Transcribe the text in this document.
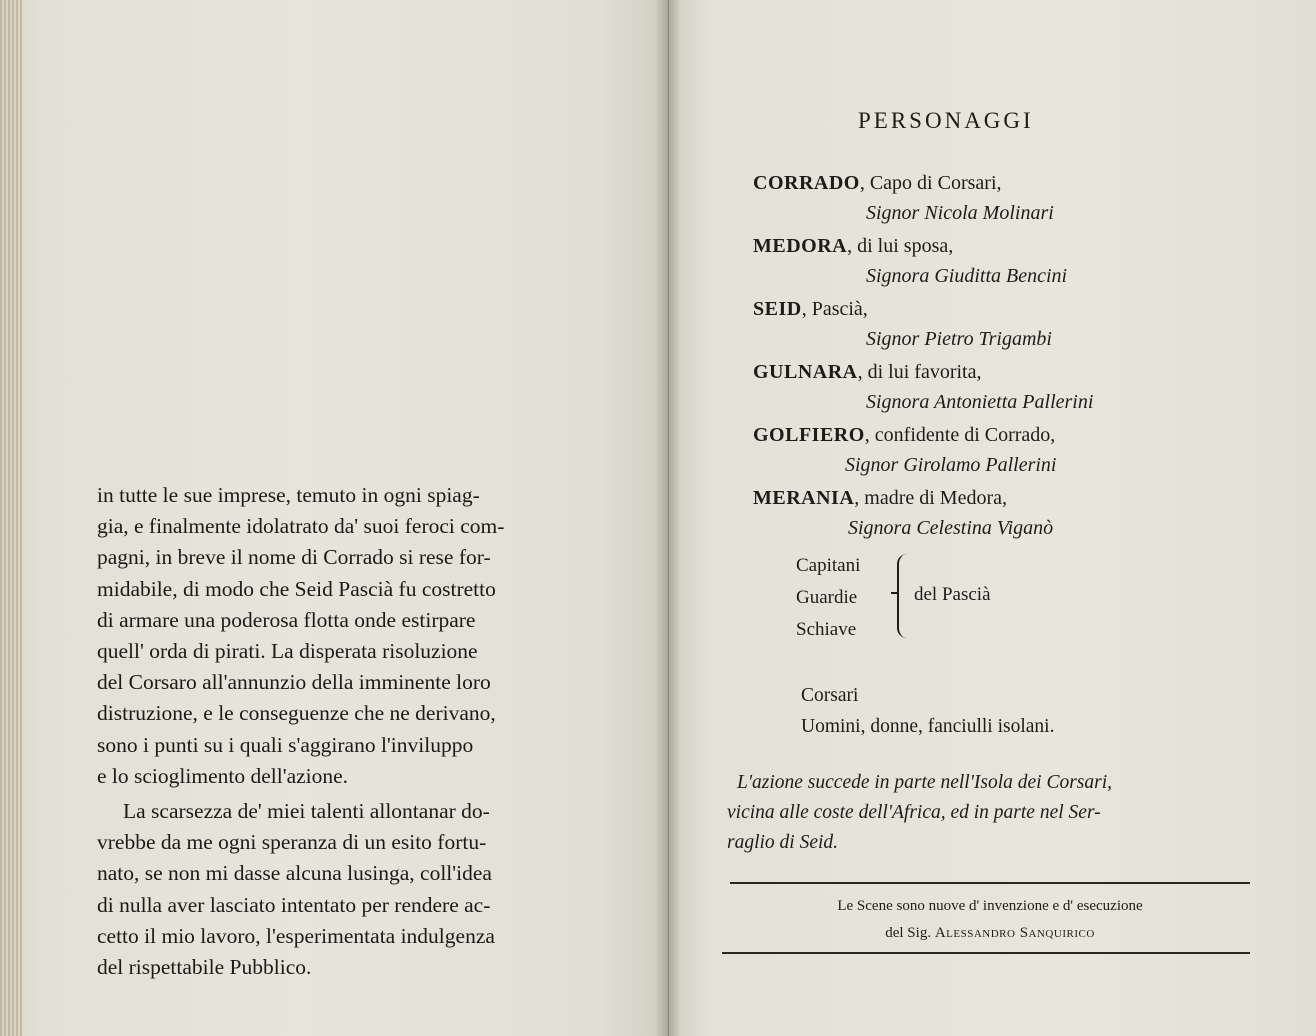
in tutte le sue imprese, temuto in ogni spiag-
gia, e finalmente idolatrato da' suoi feroci com-
pagni, in breve il nome di Corrado si rese for-
midabile, di modo che Seid Pascià fu costretto
di armare una poderosa flotta onde estirpare
quell' orda di pirati. La disperata risoluzione
del Corsaro all'annunzio della imminente loro
distruzione, e le conseguenze che ne derivano,
sono i punti su i quali s'aggirano l'inviluppo
e lo scioglimento dell'azione.

La scarsezza de' miei talenti allontanar do-
vrebbe da me ogni speranza di un esito fortu-
nato, se non mi dasse alcuna lusinga, coll'idea
di nulla aver lasciato intentato per rendere ac-
cetto il mio lavoro, l'esperimentata indulgenza
del rispettabile Pubblico.

PERSONAGGI
CORRADO, Capo di Corsari,
Signor Nicola Molinari
MEDORA, di lui sposa,
Signora Giuditta Bencini
SEID, Pascià,
Signor Pietro Trigambi
GULNARA, di lui favorita,
Signora Antonietta Pallerini
GOLFIERO, confidente di Corrado,
Signor Girolamo Pallerini
MERANIA, madre di Medora,
Signora Celestina Viganò
Capitani
Guardie
Schiave
del Pascià
Corsari
Uomini, donne, fanciulli isolani.
L'azione succede in parte nell'Isola dei Corsari,
vicina alle coste dell'Africa, ed in parte nel Ser-
raglio di Seid.
Le Scene sono nuove d' invenzione e d' esecuzione
del Sig. Alessandro Sanquirico
